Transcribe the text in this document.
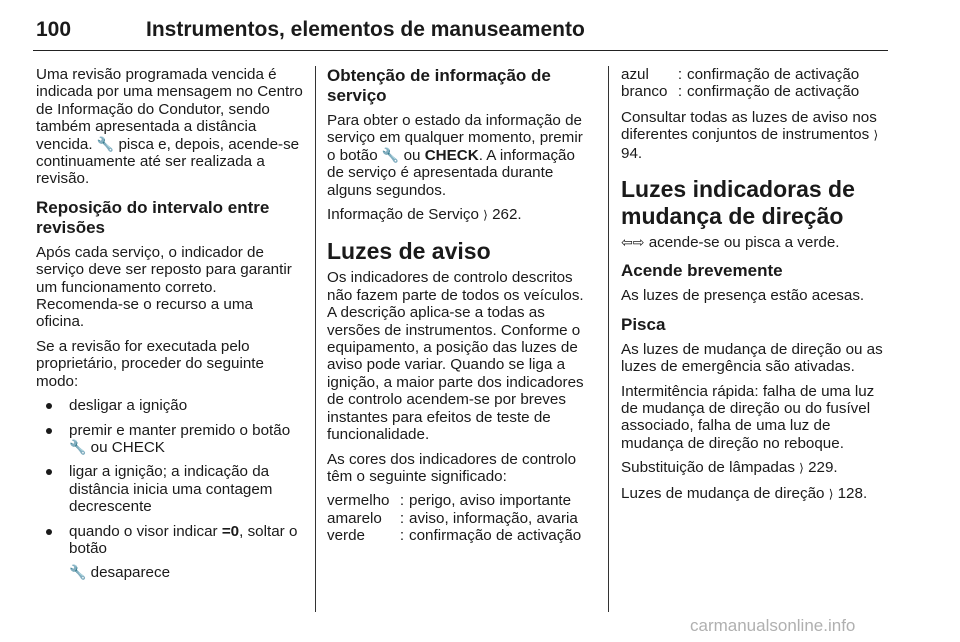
100	Instrumentos, elementos de manuseamento

Uma revisão programada vencida é indicada por uma mensagem no Centro de Informação do Condutor, sendo também apresentada a distância vencida. 🔧 pisca e, depois, acende-se continuamente até ser realizada a revisão.

Reposição do intervalo entre revisões

Após cada serviço, o indicador de serviço deve ser reposto para garantir um funcionamento correto. Recomenda-se o recurso a uma oficina.

Se a revisão for executada pelo proprietário, proceder do seguinte modo:

desligar a ignição
premir e manter premido o botão 🔧 ou CHECK
ligar a ignição; a indicação da distância inicia uma contagem decrescente
quando o visor indicar =0, soltar o botão

🔧 desaparece

Obtenção de informação de serviço

Para obter o estado da informação de serviço em qualquer momento, premir o botão 🔧 ou CHECK. A informação de serviço é apresentada durante alguns segundos.

Informação de Serviço ⟩ 262.

Luzes de aviso

Os indicadores de controlo descritos não fazem parte de todos os veículos. A descrição aplica-se a todas as versões de instrumentos. Conforme o equipamento, a posição das luzes de aviso pode variar. Quando se liga a ignição, a maior parte dos indicadores de controlo acendem-se por breves instantes para efeitos de teste de funcionalidade.

As cores dos indicadores de controlo têm o seguinte significado:

vermelho : perigo, aviso importante
amarelo	: aviso, informação, avaria
verde	: confirmação de activação
azul	: confirmação de activação
branco : confirmação de activação

Consultar todas as luzes de aviso nos diferentes conjuntos de instrumentos ⟩ 94.

Luzes indicadoras de mudança de direção

⇦⇨ acende-se ou pisca a verde.

Acende brevemente

As luzes de presença estão acesas.

Pisca

As luzes de mudança de direção ou as luzes de emergência são ativadas.

Intermitência rápida: falha de uma luz de mudança de direção ou do fusível associado, falha de uma luz de mudança de direção no reboque.

Substituição de lâmpadas ⟩ 229.

Luzes de mudança de direção ⟩ 128.

carmanualsonline.info
